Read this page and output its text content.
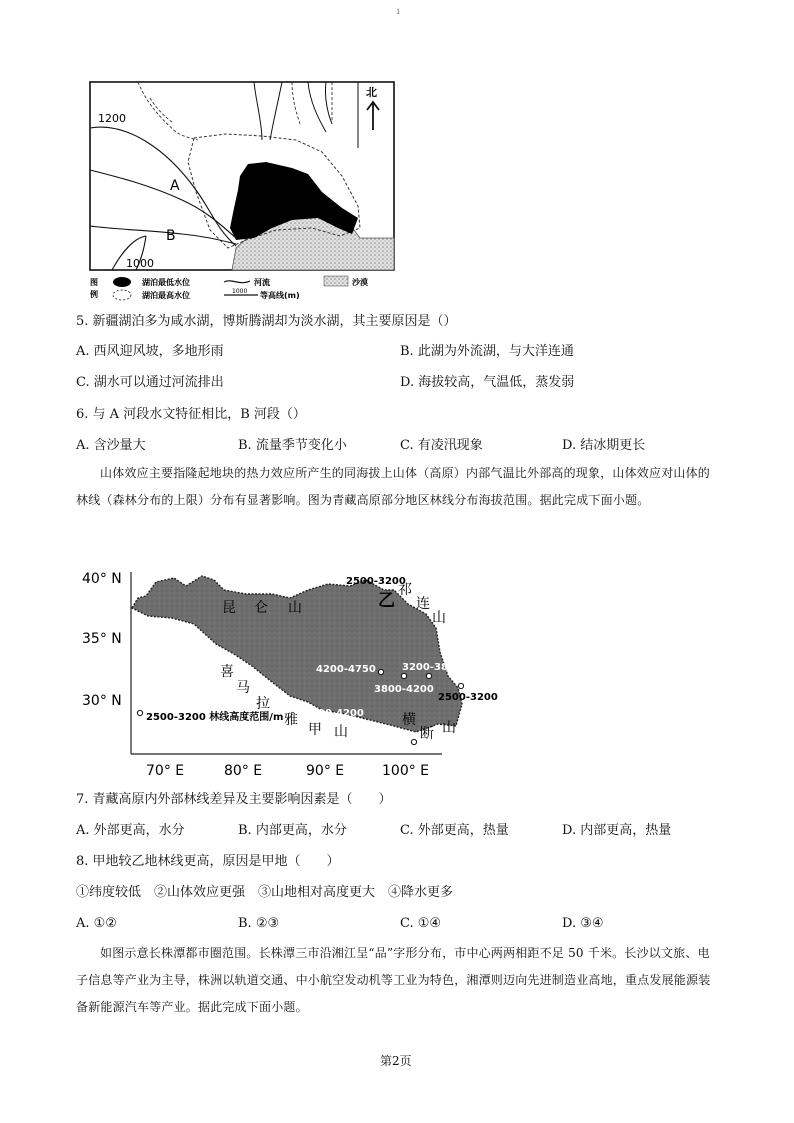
1
1200
A
B
1000
北
图
例
湖泊最低水位
湖泊最高水位
河流
1000 等高线(m)
沙漠
5. 新疆湖泊多为咸水湖，博斯腾湖却为淡水湖，其主要原因是（）
A. 西风迎风坡，多地形雨	B. 此湖为外流湖，与大洋连通
C. 湖水可以通过河流排出	D. 海拔较高，气温低，蒸发弱
6. 与 A 河段水文特征相比，B 河段（）
A. 含沙量大	B. 流量季节变化小	C. 有凌汛现象	D. 结冰期更长
山体效应主要指隆起地块的热力效应所产生的同海拔上山体（高原）内部气温比外部高的现象，山体效应对山体的林线（森林分布的上限）分布有显著影响。图为青藏高原部分地区林线分布海拔范围。据此完成下面小题。
40° N
35° N
30° N
70° E	80° E	90° E	100° E
昆 仑 山
2500-3200
乙
祁
连
山
喜
马
拉
雅
甲 山
横
断 山
4200-4750	3200-3800
3800-4200
2500-3200
3800-4200
2500-3200 林线高度范围/m
7. 青藏高原内外部林线差异及主要影响因素是（　　）
A. 外部更高，水分	B. 内部更高，水分	C. 外部更高，热量	D. 内部更高，热量
8. 甲地较乙地林线更高，原因是甲地（　　）
①纬度较低　②山体效应更强　③山地相对高度更大　④降水更多
A. ①②	B. ②③	C. ①④	D. ③④
如图示意长株潭都市圈范围。长株潭三市沿湘江呈“品”字形分布，市中心两两相距不足 50 千米。长沙以文旅、电子信息等产业为主导，株洲以轨道交通、中小航空发动机等工业为特色，湘潭则迈向先进制造业高地，重点发展能源装备新能源汽车等产业。据此完成下面小题。
第2页
